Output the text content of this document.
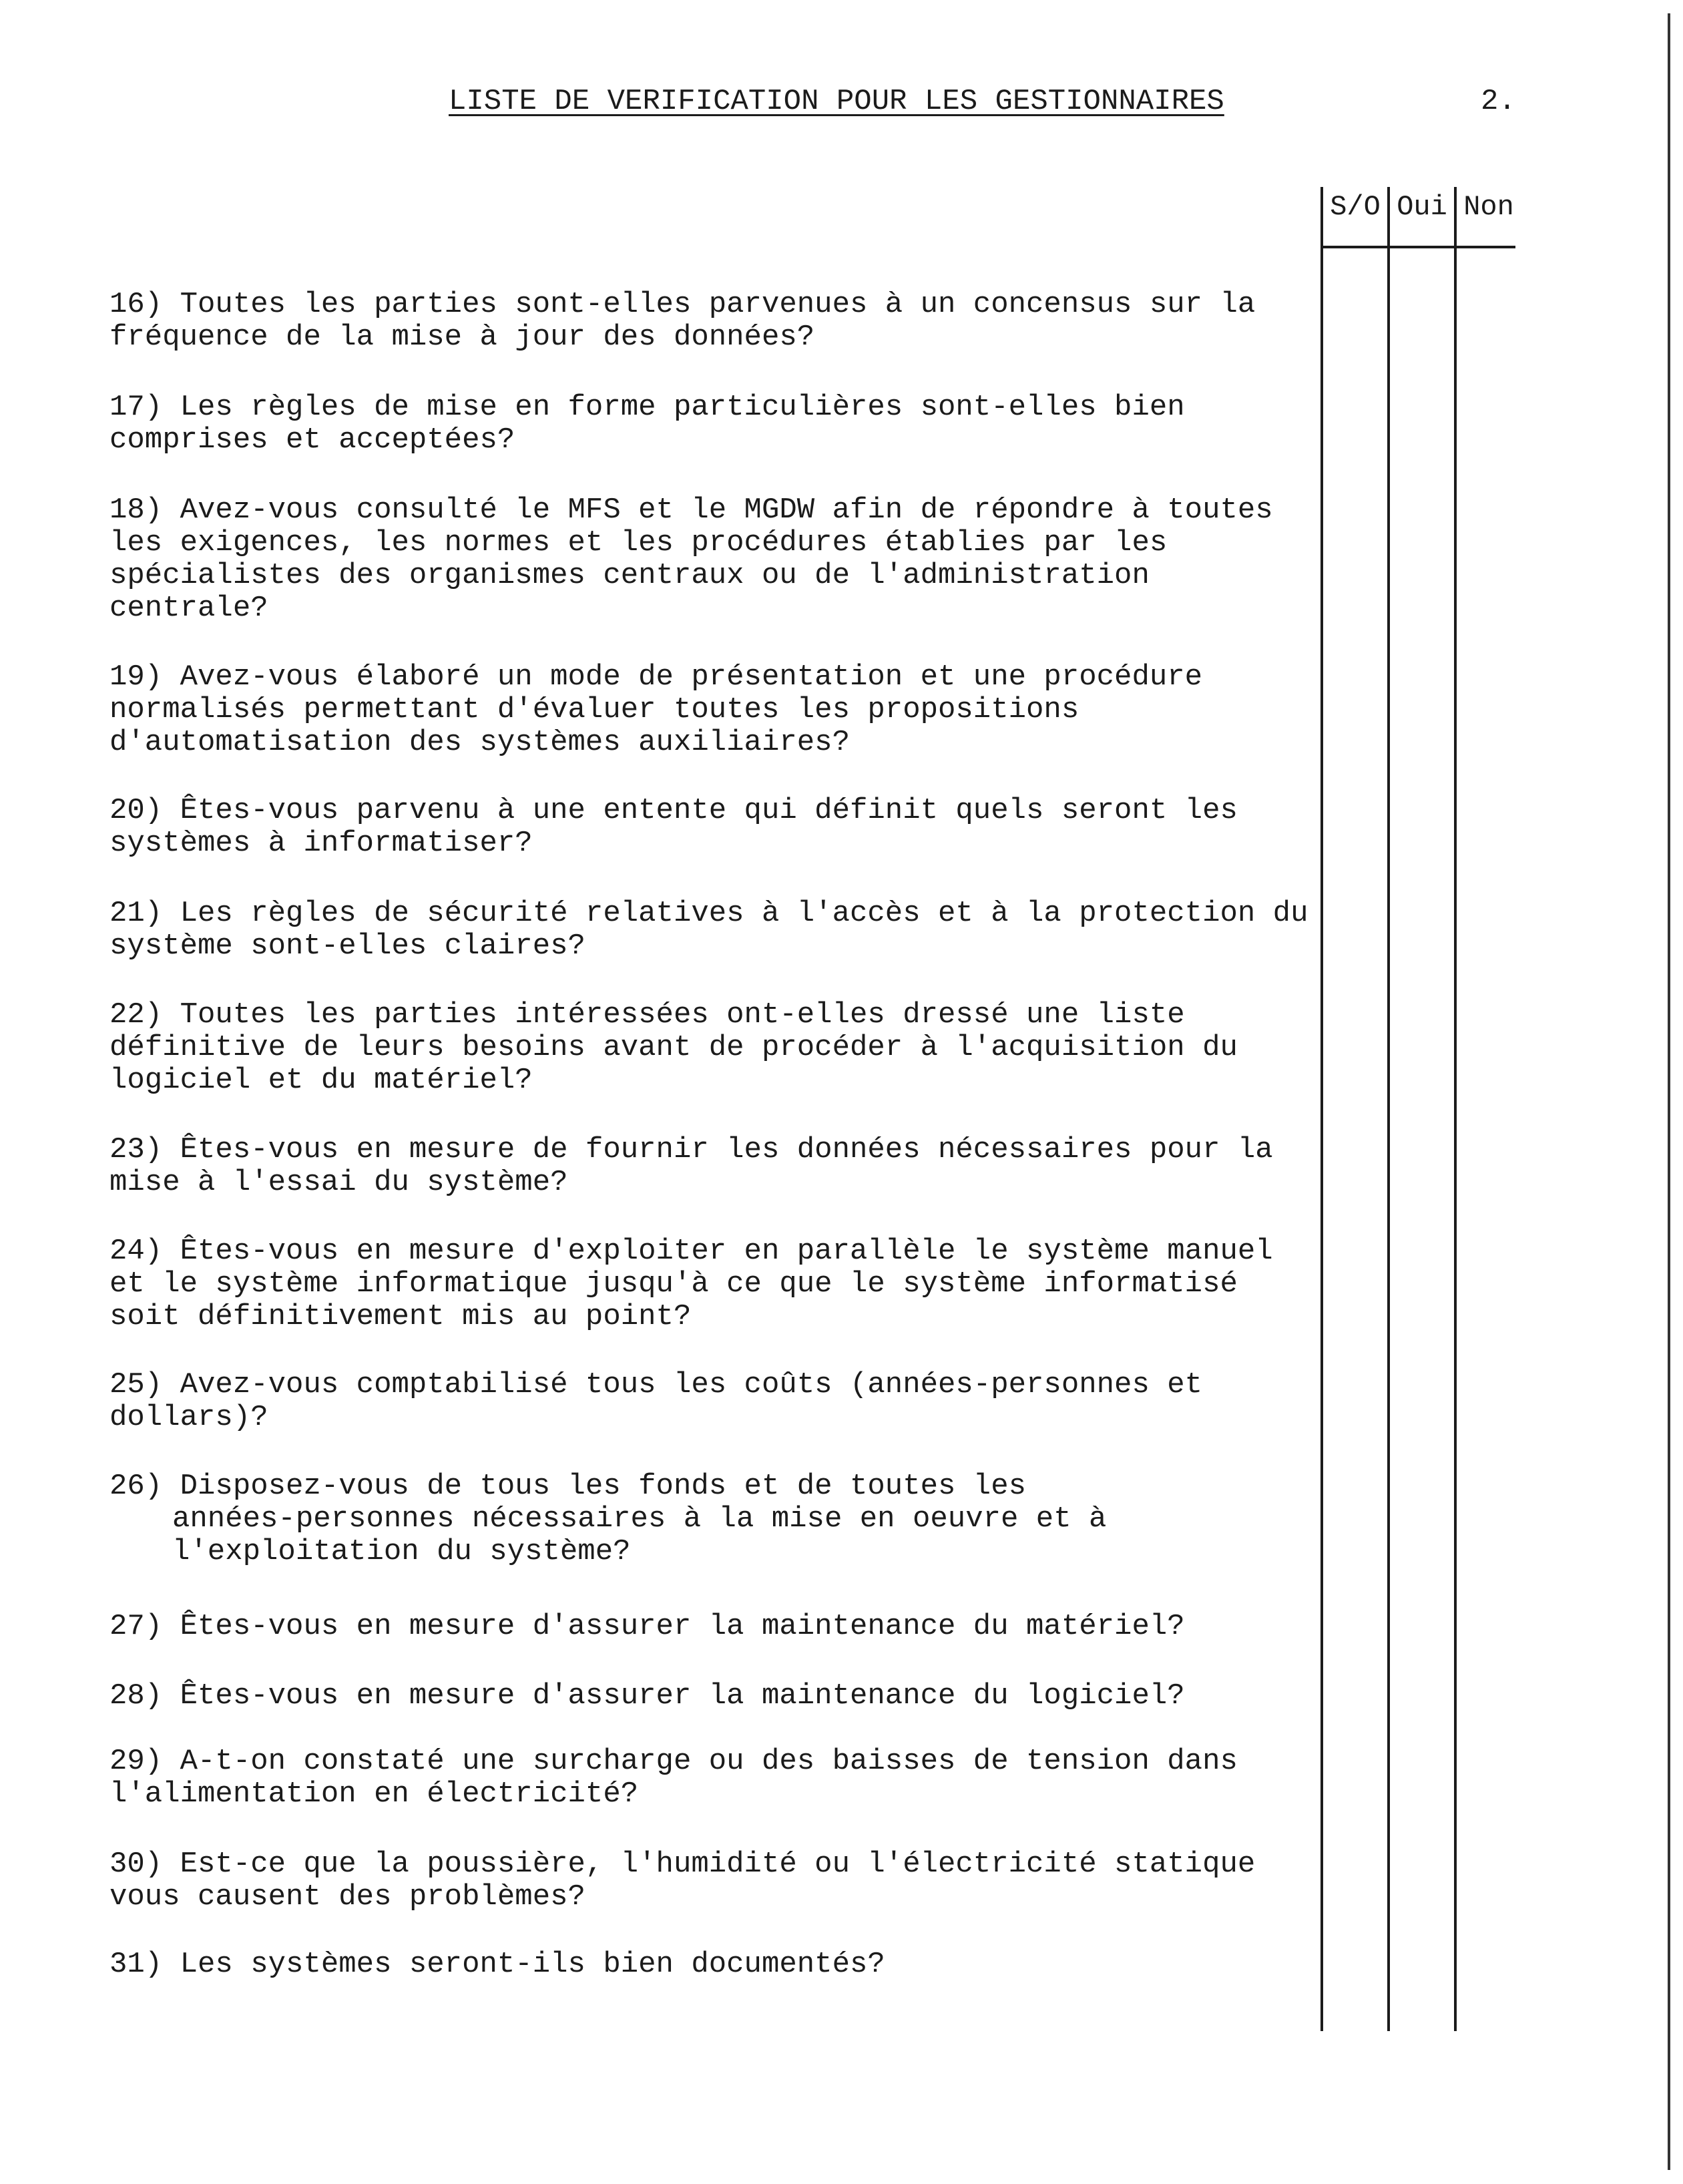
LISTE DE VERIFICATION POUR LES GESTIONNAIRES	2.
S/O Oui Non
16) Toutes les parties sont-elles parvenues à un concensus sur la
fréquence de la mise à jour des données?
17) Les règles de mise en forme particulières sont-elles bien
comprises et acceptées?
18) Avez-vous consulté le MFS et le MGDW afin de répondre à toutes
les exigences, les normes et les procédures établies par les
spécialistes des organismes centraux ou de l'administration
centrale?
19) Avez-vous élaboré un mode de présentation et une procédure
normalisés permettant d'évaluer toutes les propositions
d'automatisation des systèmes auxiliaires?
20) Êtes-vous parvenu à une entente qui définit quels seront les
systèmes à informatiser?
21) Les règles de sécurité relatives à l'accès et à la protection du
système sont-elles claires?
22) Toutes les parties intéressées ont-elles dressé une liste
définitive de leurs besoins avant de procéder à l'acquisition du
logiciel et du matériel?
23) Êtes-vous en mesure de fournir les données nécessaires pour la
mise à l'essai du système?
24) Êtes-vous en mesure d'exploiter en parallèle le système manuel
et le système informatique jusqu'à ce que le système informatisé
soit définitivement mis au point?
25) Avez-vous comptabilisé tous les coûts (années-personnes et
dollars)?
26) Disposez-vous de tous les fonds et de toutes les
années-personnes nécessaires à la mise en oeuvre et à
l'exploitation du système?
27) Êtes-vous en mesure d'assurer la maintenance du matériel?
28) Êtes-vous en mesure d'assurer la maintenance du logiciel?
29) A-t-on constaté une surcharge ou des baisses de tension dans
l'alimentation en électricité?
30) Est-ce que la poussière, l'humidité ou l'électricité statique
vous causent des problèmes?
31) Les systèmes seront-ils bien documentés?
